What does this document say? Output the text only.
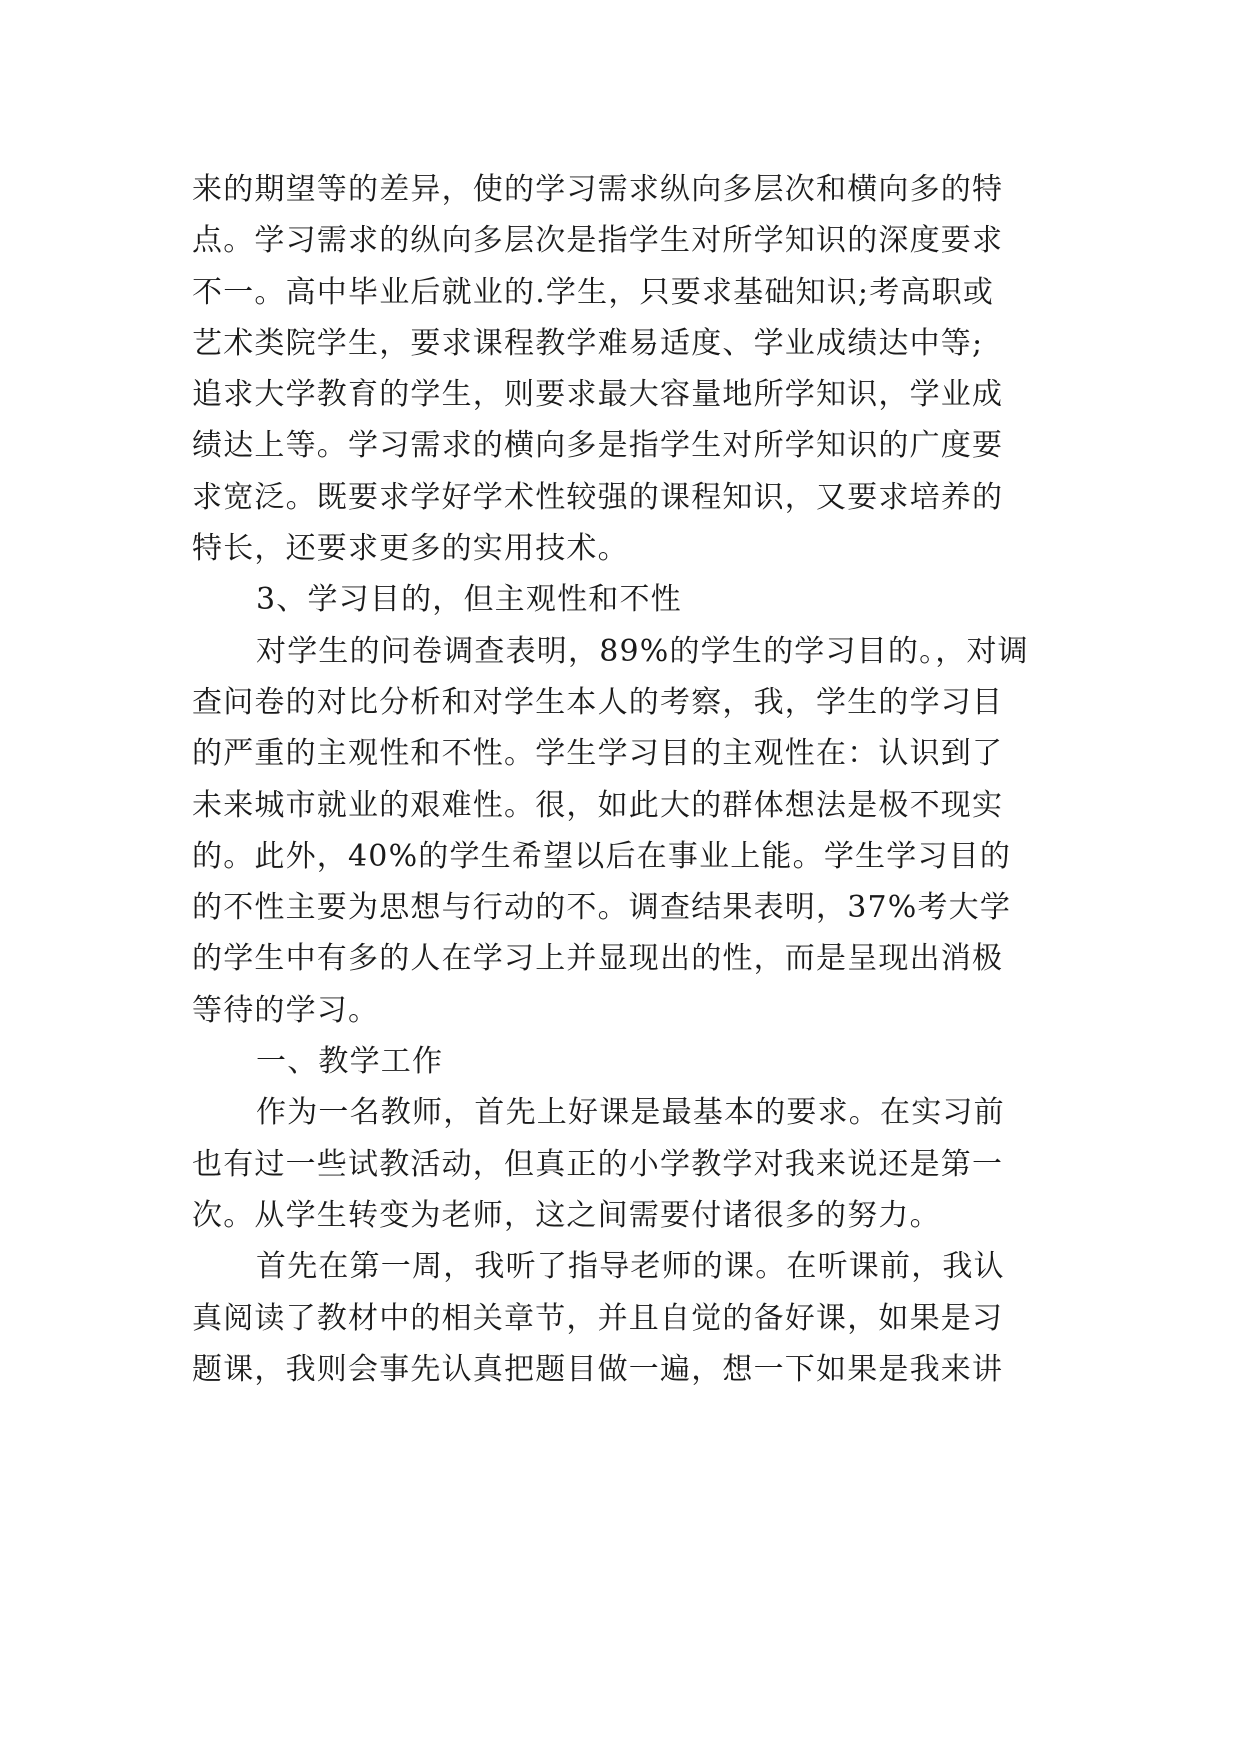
来的期望等的差异，使的学习需求纵向多层次和横向多的特
点。学习需求的纵向多层次是指学生对所学知识的深度要求
不一。高中毕业后就业的.学生，只要求基础知识;考高职或
艺术类院学生，要求课程教学难易适度、学业成绩达中等;
追求大学教育的学生，则要求最大容量地所学知识，学业成
绩达上等。学习需求的横向多是指学生对所学知识的广度要
求宽泛。既要求学好学术性较强的课程知识，又要求培养的
特长，还要求更多的实用技术。
3、学习目的，但主观性和不性
对学生的问卷调查表明，89%的学生的学习目的。，对调
查问卷的对比分析和对学生本人的考察，我，学生的学习目
的严重的主观性和不性。学生学习目的主观性在：认识到了
未来城市就业的艰难性。很，如此大的群体想法是极不现实
的。此外，40%的学生希望以后在事业上能。学生学习目的
的不性主要为思想与行动的不。调查结果表明，37%考大学
的学生中有多的人在学习上并显现出的性，而是呈现出消极
等待的学习。
一、教学工作
作为一名教师，首先上好课是最基本的要求。在实习前
也有过一些试教活动，但真正的小学教学对我来说还是第一
次。从学生转变为老师，这之间需要付诸很多的努力。
首先在第一周，我听了指导老师的课。在听课前，我认
真阅读了教材中的相关章节，并且自觉的备好课，如果是习
题课，我则会事先认真把题目做一遍，想一下如果是我来讲
